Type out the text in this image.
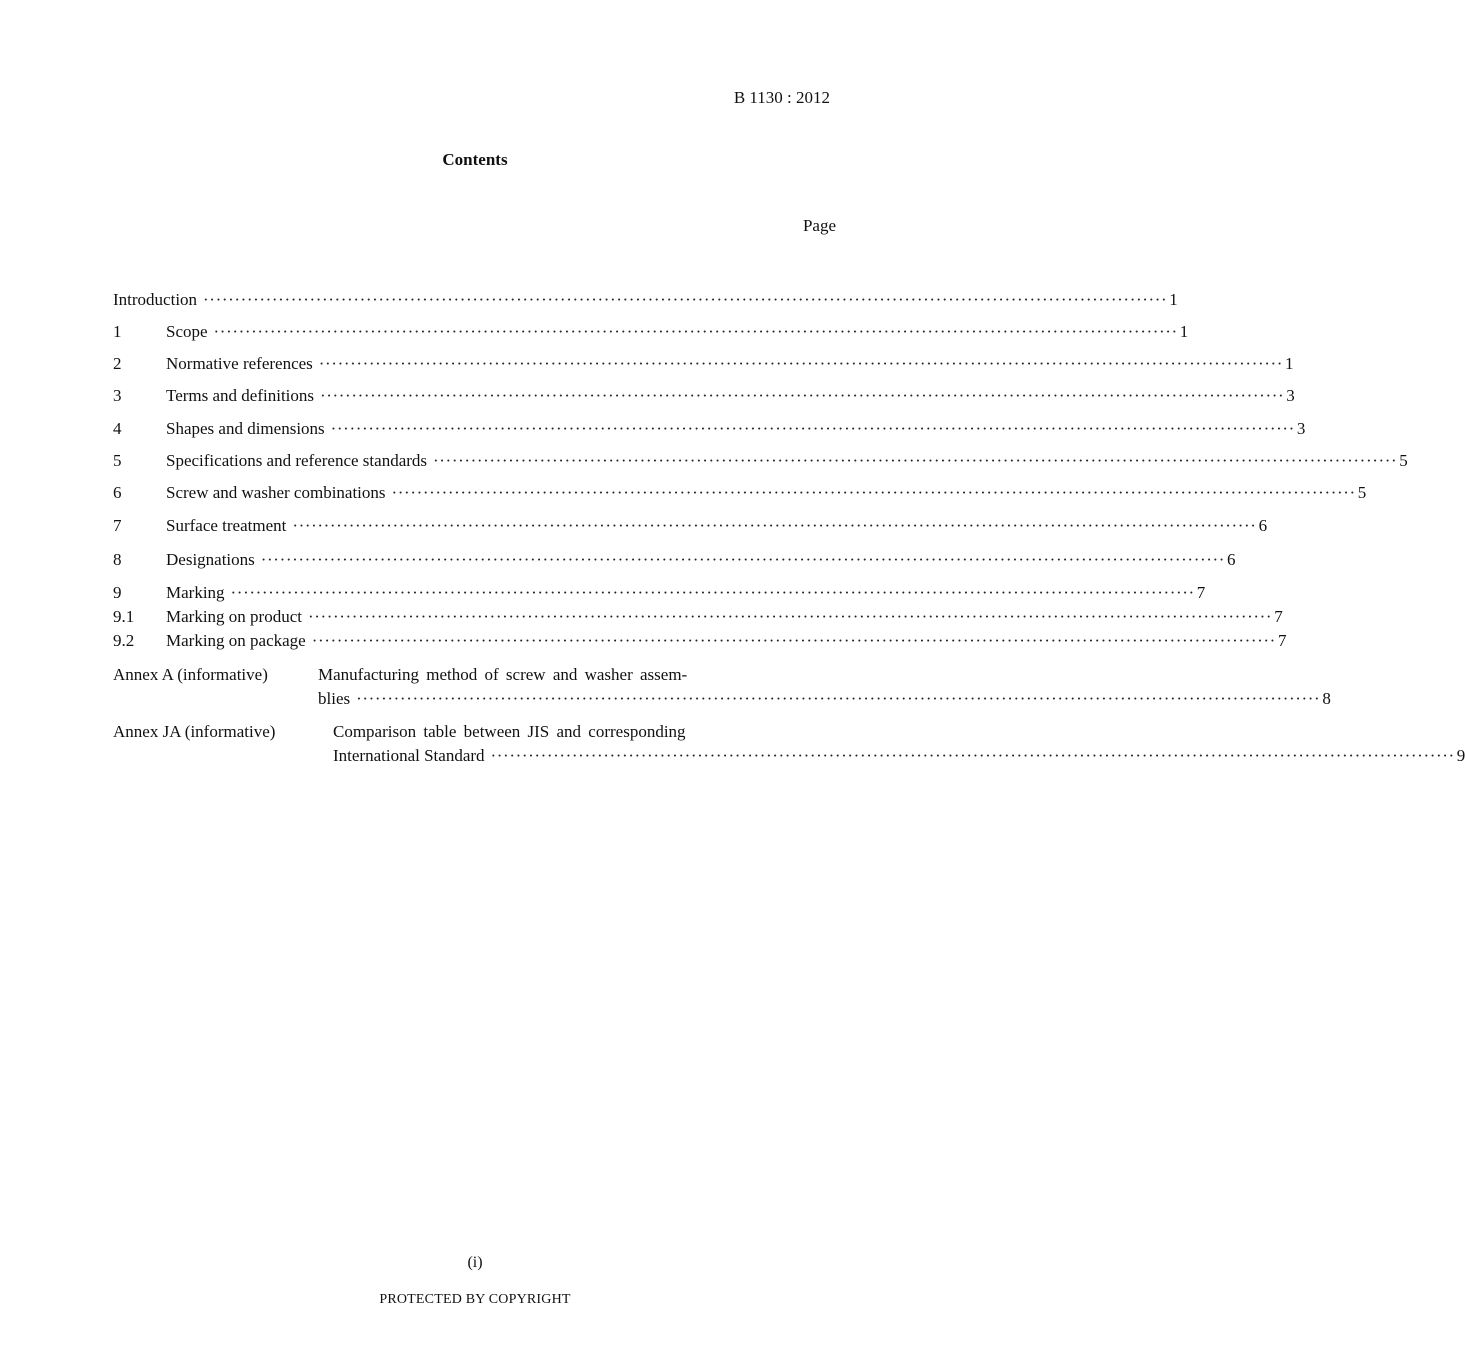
B 1130 : 2012
Contents
Page
Introduction ·························································································································································· 1
1	Scope ·························································································································································· 1
2	Normative references ·························································································································································· 1
3	Terms and definitions ·························································································································································· 3
4	Shapes and dimensions ·························································································································································· 3
5	Specifications and reference standards ·························································································································································· 5
6	Screw and washer combinations ·························································································································································· 5
7	Surface treatment ·························································································································································· 6
8	Designations ·························································································································································· 6
9	Marking ·························································································································································· 7
9.1	Marking on product ·························································································································································· 7
9.2	Marking on package ·························································································································································· 7
Annex A (informative)	Manufacturing method of screw and washer assem-
blies ·························································································································································· 8
Annex JA (informative)	Comparison table between JIS and corresponding
International Standard ·························································································································································· 9
(i)
PROTECTED BY COPYRIGHT
